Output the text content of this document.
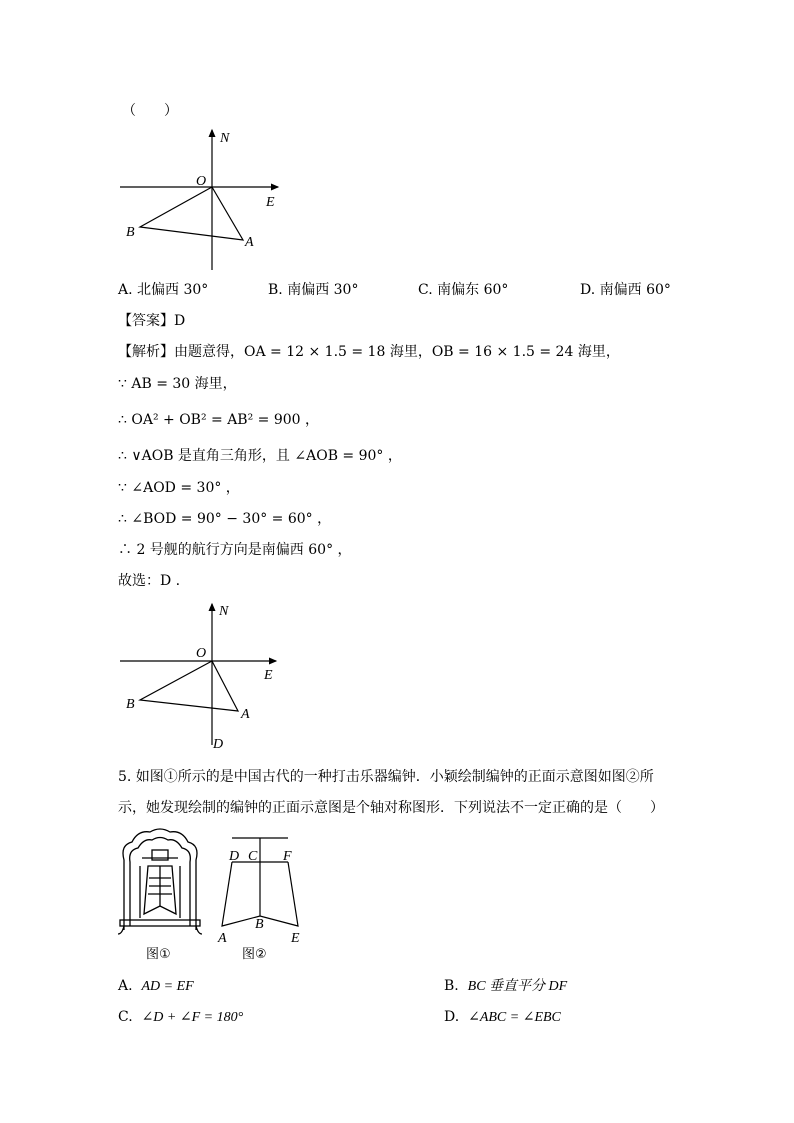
（　　）
N
O
E
B
A
A. 北偏西 30°	B. 南偏西 30°	C. 南偏东 60°	D. 南偏西 60°
【答案】D
【解析】由题意得，OA = 12 × 1.5 = 18 海里，OB = 16 × 1.5 = 24 海里，
∵ AB = 30 海里，
∴ OA² + OB² = AB² = 900 ，
∴ ∨AOB 是直角三角形，且 ∠AOB = 90° ，
∵ ∠AOD = 30° ，
∴ ∠BOD = 90° − 30° = 60° ，
∴ 2 号舰的航行方向是南偏西 60° ，
故选：D .
N
O
E
B
A
D
5. 如图①所示的是中国古代的一种打击乐器编钟．小颖绘制编钟的正面示意图如图②所
示，她发现绘制的编钟的正面示意图是个轴对称图形．下列说法不一定正确的是（　　）
图①
D C F
A
B
E
图②
A. AD = EF	B. BC 垂直平分 DF
C. ∠D + ∠F = 180°	D. ∠ABC = ∠EBC
